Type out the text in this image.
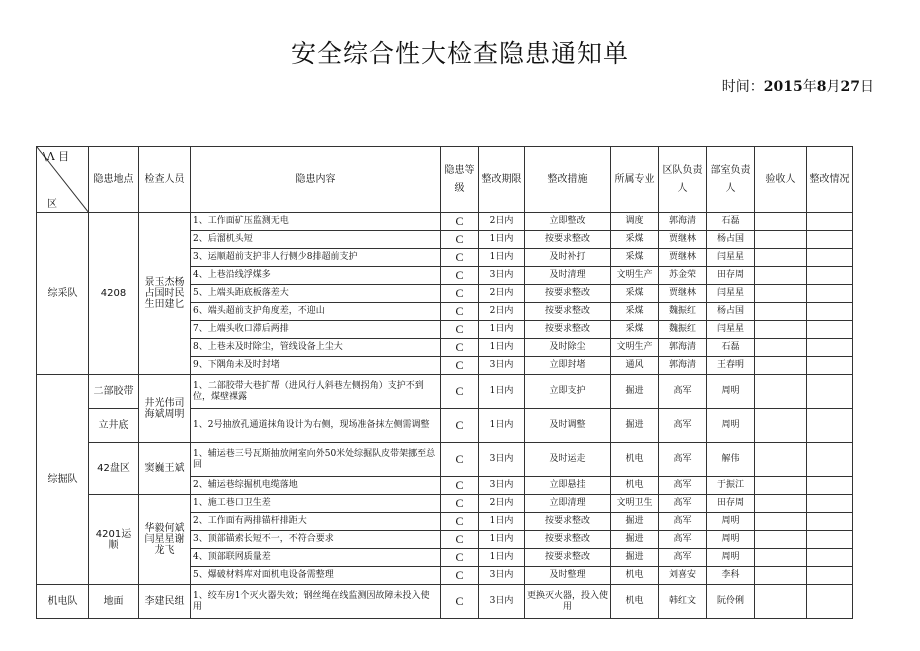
安全综合性大检查隐患通知单
时间：2015年8月27日
\Λ 目
区	隐患地点	检查人员	隐患内容	隐患等级	整改期限	整改措施	所属专业	区队负责人	部室负责人	验收人	整改情况
综采队	4208	景玉杰杨占国时民生田建匕	1、工作面矿压监测无电	C	2日内	立即整改	调度	郭海清	石磊		
			2、后溜机头短	C	1日内	按要求整改	采煤	贾继林	杨占国		
			3、运顺超前支护非人行侧少8排超前支护	C	1日内	及时补打	采煤	贾继林	闫星星		
			4、上巷沿线浮煤多	C	3日内	及时清理	文明生产	苏金荣	田存周		
			5、上端头距底板落差大	C	2日内	按要求整改	采煤	贾继林	闫星星		
			6、端头超前支护角度差，不迎山	C	2日内	按要求整改	采煤	魏振红	杨占国		
			7、上端头收口滞后两排	C	1日内	按要求整改	采煤	魏振红	闫星星		
			8、上巷未及时除尘，管线设备上尘大	C	1日内	及时除尘	文明生产	郭海清	石磊		
			9、下隅角未及时封堵	C	3日内	立即封堵	通风	郭海清	王春明		
综掘队	二部胶带	井光伟司海斌周明	1、二部胶带大巷扩帮（进风行人斜巷左侧拐角）支护不到位，煤壁裸露	C	1日内	立即支护	掘进	高军	周明		
	立井底		1、2号抽放孔通道抹角设计为右侧，现场准备抹左侧需调整	C	1日内	及时调整	掘进	高军	周明		
	42盘区	窦巍王斌	1、辅运巷三号瓦斯抽放闸室向外50米处综掘队皮带架挪至总回	C	3日内	及时运走	机电	高军	解伟		
			2、辅运巷综掘机电缆落地	C	3日内	立即悬挂	机电	高军	于振江		
	4201运顺	华毅何斌闫星星谢龙飞	1、施工巷口卫生差	C	2日内	立即清理	文明卫生	高军	田存周		
			2、工作面有两排锚杆排距大	C	1日内	按要求整改	掘进	高军	周明		
			3、顶部锚索长短不一，不符合要求	C	1日内	按要求整改	掘进	高军	周明		
			4、顶部联网质量差	C	1日内	按要求整改	掘进	高军	周明		
			5、爆破材料库对面机电设备需整理	C	3日内	及时整理	机电	刘喜安	李科		
机电队	地面	李建民组	1、绞车房1个灭火器失效；钢丝绳在线监测因故障未投入使用	C	3日内	更换灭火器，投入使用	机电	韩红文	阮伶俐		
